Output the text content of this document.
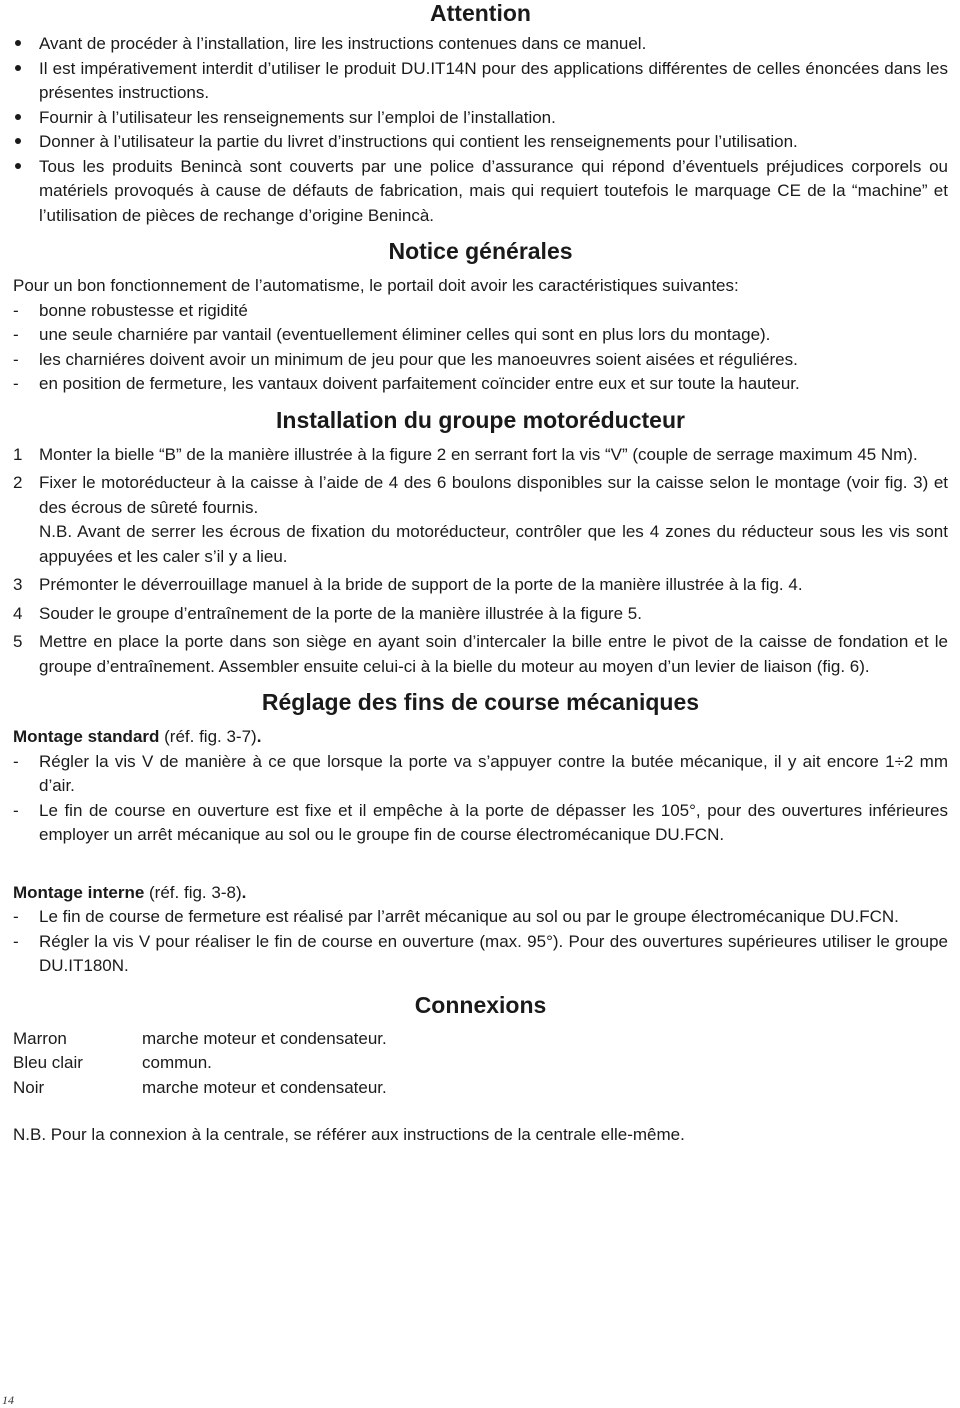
Attention
Avant de procéder à l’installation, lire les instructions contenues dans ce manuel.
Il est impérativement interdit d’utiliser le produit DU.IT14N pour des applications différentes de celles énoncées dans les présentes instructions.
Fournir à l’utilisateur les renseignements sur l’emploi de l’installation.
Donner à l’utilisateur la partie du livret d’instructions qui contient les renseignements pour l’utilisation.
Tous les produits Benincà sont couverts par une police d’assurance qui répond d’éventuels préjudices corporels ou matériels provoqués à cause de défauts de fabrication, mais qui requiert toutefois le marquage CE de la “machine” et l’utilisation de pièces de rechange d’origine Benincà.
Notice générales

Pour un bon fonctionnement de l’automatisme, le portail doit avoir les caractéristiques suivantes:

-	bonne robustesse et rigidité
-	une seule charniére par vantail (eventuellement éliminer celles qui sont en plus lors du montage).
-	les charniéres doivent avoir un minimum de jeu pour que les manoeuvres soient aisées et réguliéres.
-	en position de fermeture, les vantaux doivent parfaitement coïncider entre eux et sur toute la hauteur.
Installation du groupe motoréducteur
1 Monter la bielle “B” de la manière illustrée à la figure 2 en serrant fort la vis “V” (couple de serrage maximum 45 Nm).
2 Fixer le motoréducteur à la caisse à l’aide de 4 des 6 boulons disponibles sur la caisse selon le montage (voir fig. 3) et des écrous de sûreté fournis.
N.B. Avant de serrer les écrous de fixation du motoréducteur, contrôler que les 4 zones du réducteur sous les vis sont appuyées et les caler s’il y a lieu.
3 Prémonter le déverrouillage manuel à la bride de support de la porte de la manière illustrée à la fig. 4.
4 Souder le groupe d’entraînement de la porte de la manière illustrée à la figure 5.
5 Mettre en place la porte dans son siège en ayant soin d’intercaler la bille entre le pivot de la caisse de fondation et le groupe d’entraînement. Assembler ensuite celui-ci à la bielle du moteur au moyen d’un levier de liaison (fig. 6).
Réglage des fins de course mécaniques

Montage standard (réf. fig. 3-7).

-	Régler la vis V de manière à ce que lorsque la porte va s’appuyer contre la butée mécanique, il y ait encore 1÷2 mm d’air.
-	Le fin de course en ouverture est fixe et il empêche à la porte de dépasser les 105°, pour des ouvertures inférieures employer un arrêt mécanique au sol ou le groupe fin de course électromécanique DU.FCN.

Montage interne (réf. fig. 3-8).

-	Le fin de course de fermeture est réalisé par l’arrêt mécanique au sol ou par le groupe électromécanique DU.FCN.
-	Régler la vis V pour réaliser le fin de course en ouverture (max. 95°). Pour des ouvertures supérieures utiliser le groupe DU.IT180N.
Connexions
Marron	marche moteur et condensateur.
Bleu clair	commun.
Noir	marche moteur et condensateur.

N.B. Pour la connexion à la centrale, se référer aux instructions de la centrale elle-même.

14
